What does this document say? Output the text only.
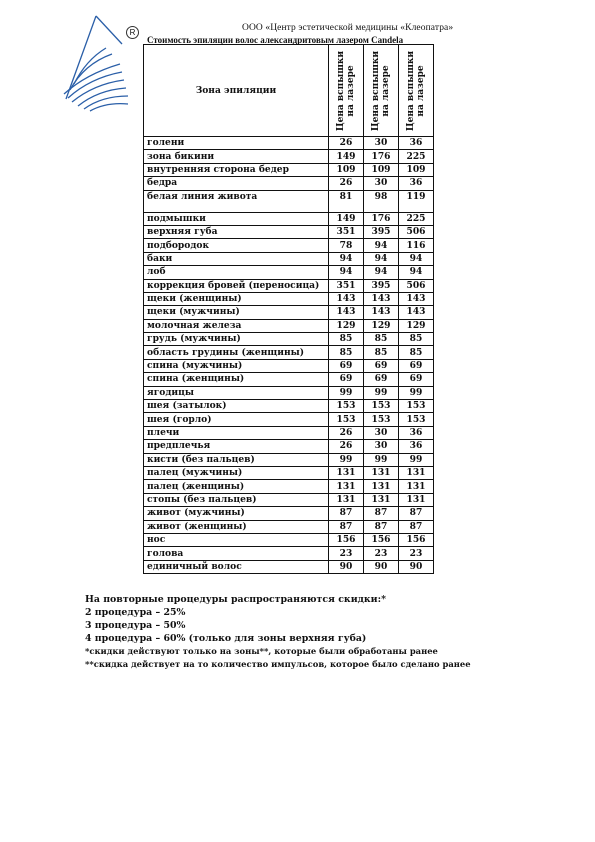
R	ООО «Центр эстетической медицины «Клеопатра»
Стоимость эпиляции волос александритовым лазером Candela
Зона эпиляции	Цена вспышки на лазере	Цена вспышки на лазере	Цена вспышки на лазере

голени	26	30	36
зона бикини	149	176	225
внутренняя сторона бедер	109	109	109
бедра	26	30	36
белая линия живота	81	98	119
подмышки	149	176	225
верхняя губа	351	395	506
подбородок	78	94	116
баки	94	94	94
лоб	94	94	94
коррекция бровей (переносица)	351	395	506
щеки (женщины)	143	143	143
щеки (мужчины)	143	143	143
молочная железа	129	129	129
грудь (мужчины)	85	85	85
область грудины (женщины)	85	85	85
спина (мужчины)	69	69	69
спина (женщины)	69	69	69
ягодицы	99	99	99
шея (затылок)	153	153	153
шея (горло)	153	153	153
плечи	26	30	36
предплечья	26	30	36
кисти (без пальцев)	99	99	99
палец (мужчины)	131	131	131
палец (женщины)	131	131	131
стопы (без пальцев)	131	131	131
живот (мужчины)	87	87	87
живот (женщины)	87	87	87
нос	156	156	156
голова	23	23	23
единичный волос	90	90	90
На повторные процедуры распространяются скидки:*
2 процедура – 25%
3 процедура – 50%
4 процедура – 60% (только для зоны верхняя губа)
*скидки действуют только на зоны**, которые были обработаны ранее
**скидка действует на то количество импульсов, которое было сделано ранее
